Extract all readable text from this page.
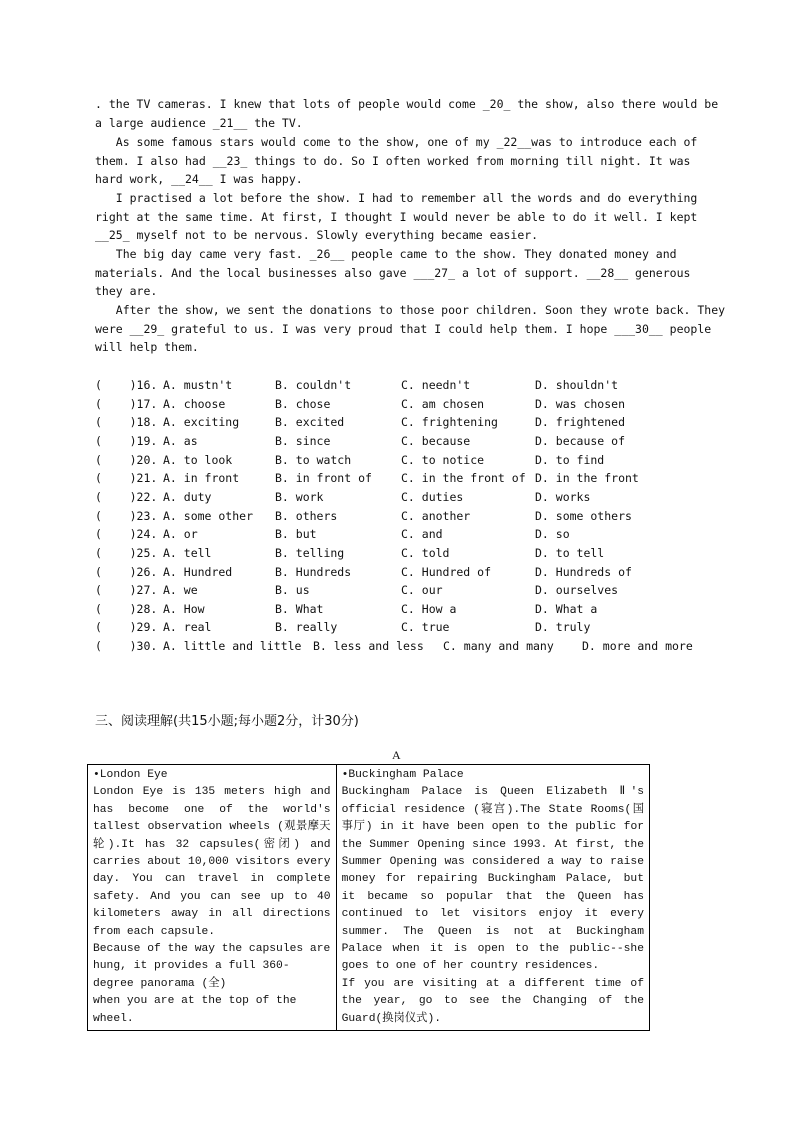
. the TV cameras. I knew that lots of people would come _20_ the show, also there would be
a large audience _21__ the TV.
As some famous stars would come to the show, one of my _22__was to introduce each of
them. I also had __23_ things to do. So I often worked from morning till night. It was
hard work, __24__ I was happy.
I practised a lot before the show. I had to remember all the words and do everything
right at the same time. At first, I thought I would never be able to do it well. I kept
__25_ myself not to be nervous. Slowly everything became easier.
The big day came very fast. _26__ people came to the show. They donated money and
materials. And the local businesses also gave ___27_ a lot of support. __28__ generous
they are.
After the show, we sent the donations to those poor children. Soon they wrote back. They
were __29_ grateful to us. I was very proud that I could help them. I hope ___30__ people
will help them.
(    )16. A. mustn't	B. couldn't	C. needn't	D. shouldn't
(    )17. A. choose	B. chose	C. am chosen	D. was chosen
(    )18. A. exciting	B. excited	C. frightening	D. frightened
(    )19. A. as	B. since	C. because	D. because of
(    )20. A. to look	B. to watch	C. to notice	D. to find
(    )21. A. in front	B. in front of	C. in the front of D. in the front
(    )22. A. duty	B. work	C. duties	D. works
(    )23. A. some other B. others	C. another	D. some others
(    )24. A. or	B. but	C. and	D. so
(    )25. A. tell	B. telling	C. told	D. to tell
(    )26. A. Hundred	B. Hundreds	C. Hundred of	D. Hundreds of
(    )27. A. we	B. us	C. our	D. ourselves
(    )28. A. How	B. What	C. How a	D. What a
(    )29. A. real	B. really	C. true	D. truly
(    )30. A. little and little B. less and less C. many and many D. more and more
三、阅读理解(共15小题;每小题2分，计30分)
A
•London Eye
London Eye is 135 meters high and has become one of the world's tallest observation wheels (观景摩天轮).It has 32 capsules(密闭) and carries about 10,000 visitors every day. You can travel in complete safety. And you can see up to 40 kilometers away in all directions from each capsule.
Because of the way the capsules are hung, it provides a full 360- degree panorama (全)
when you are at the top of the wheel.

•Buckingham Palace
Buckingham Palace is Queen Elizabeth Ⅱ's official residence (寝宫).The State Rooms(国事厅) in it have been open to the public for the Summer Opening since 1993. At first, the Summer Opening was considered a way to raise money for repairing Buckingham Palace, but it became so popular that the Queen has continued to let visitors enjoy it every summer. The Queen is not at Buckingham Palace when it is open to the public--she goes to one of her country residences.
If you are visiting at a different time of the year, go to see the Changing of the Guard(换岗仪式).
